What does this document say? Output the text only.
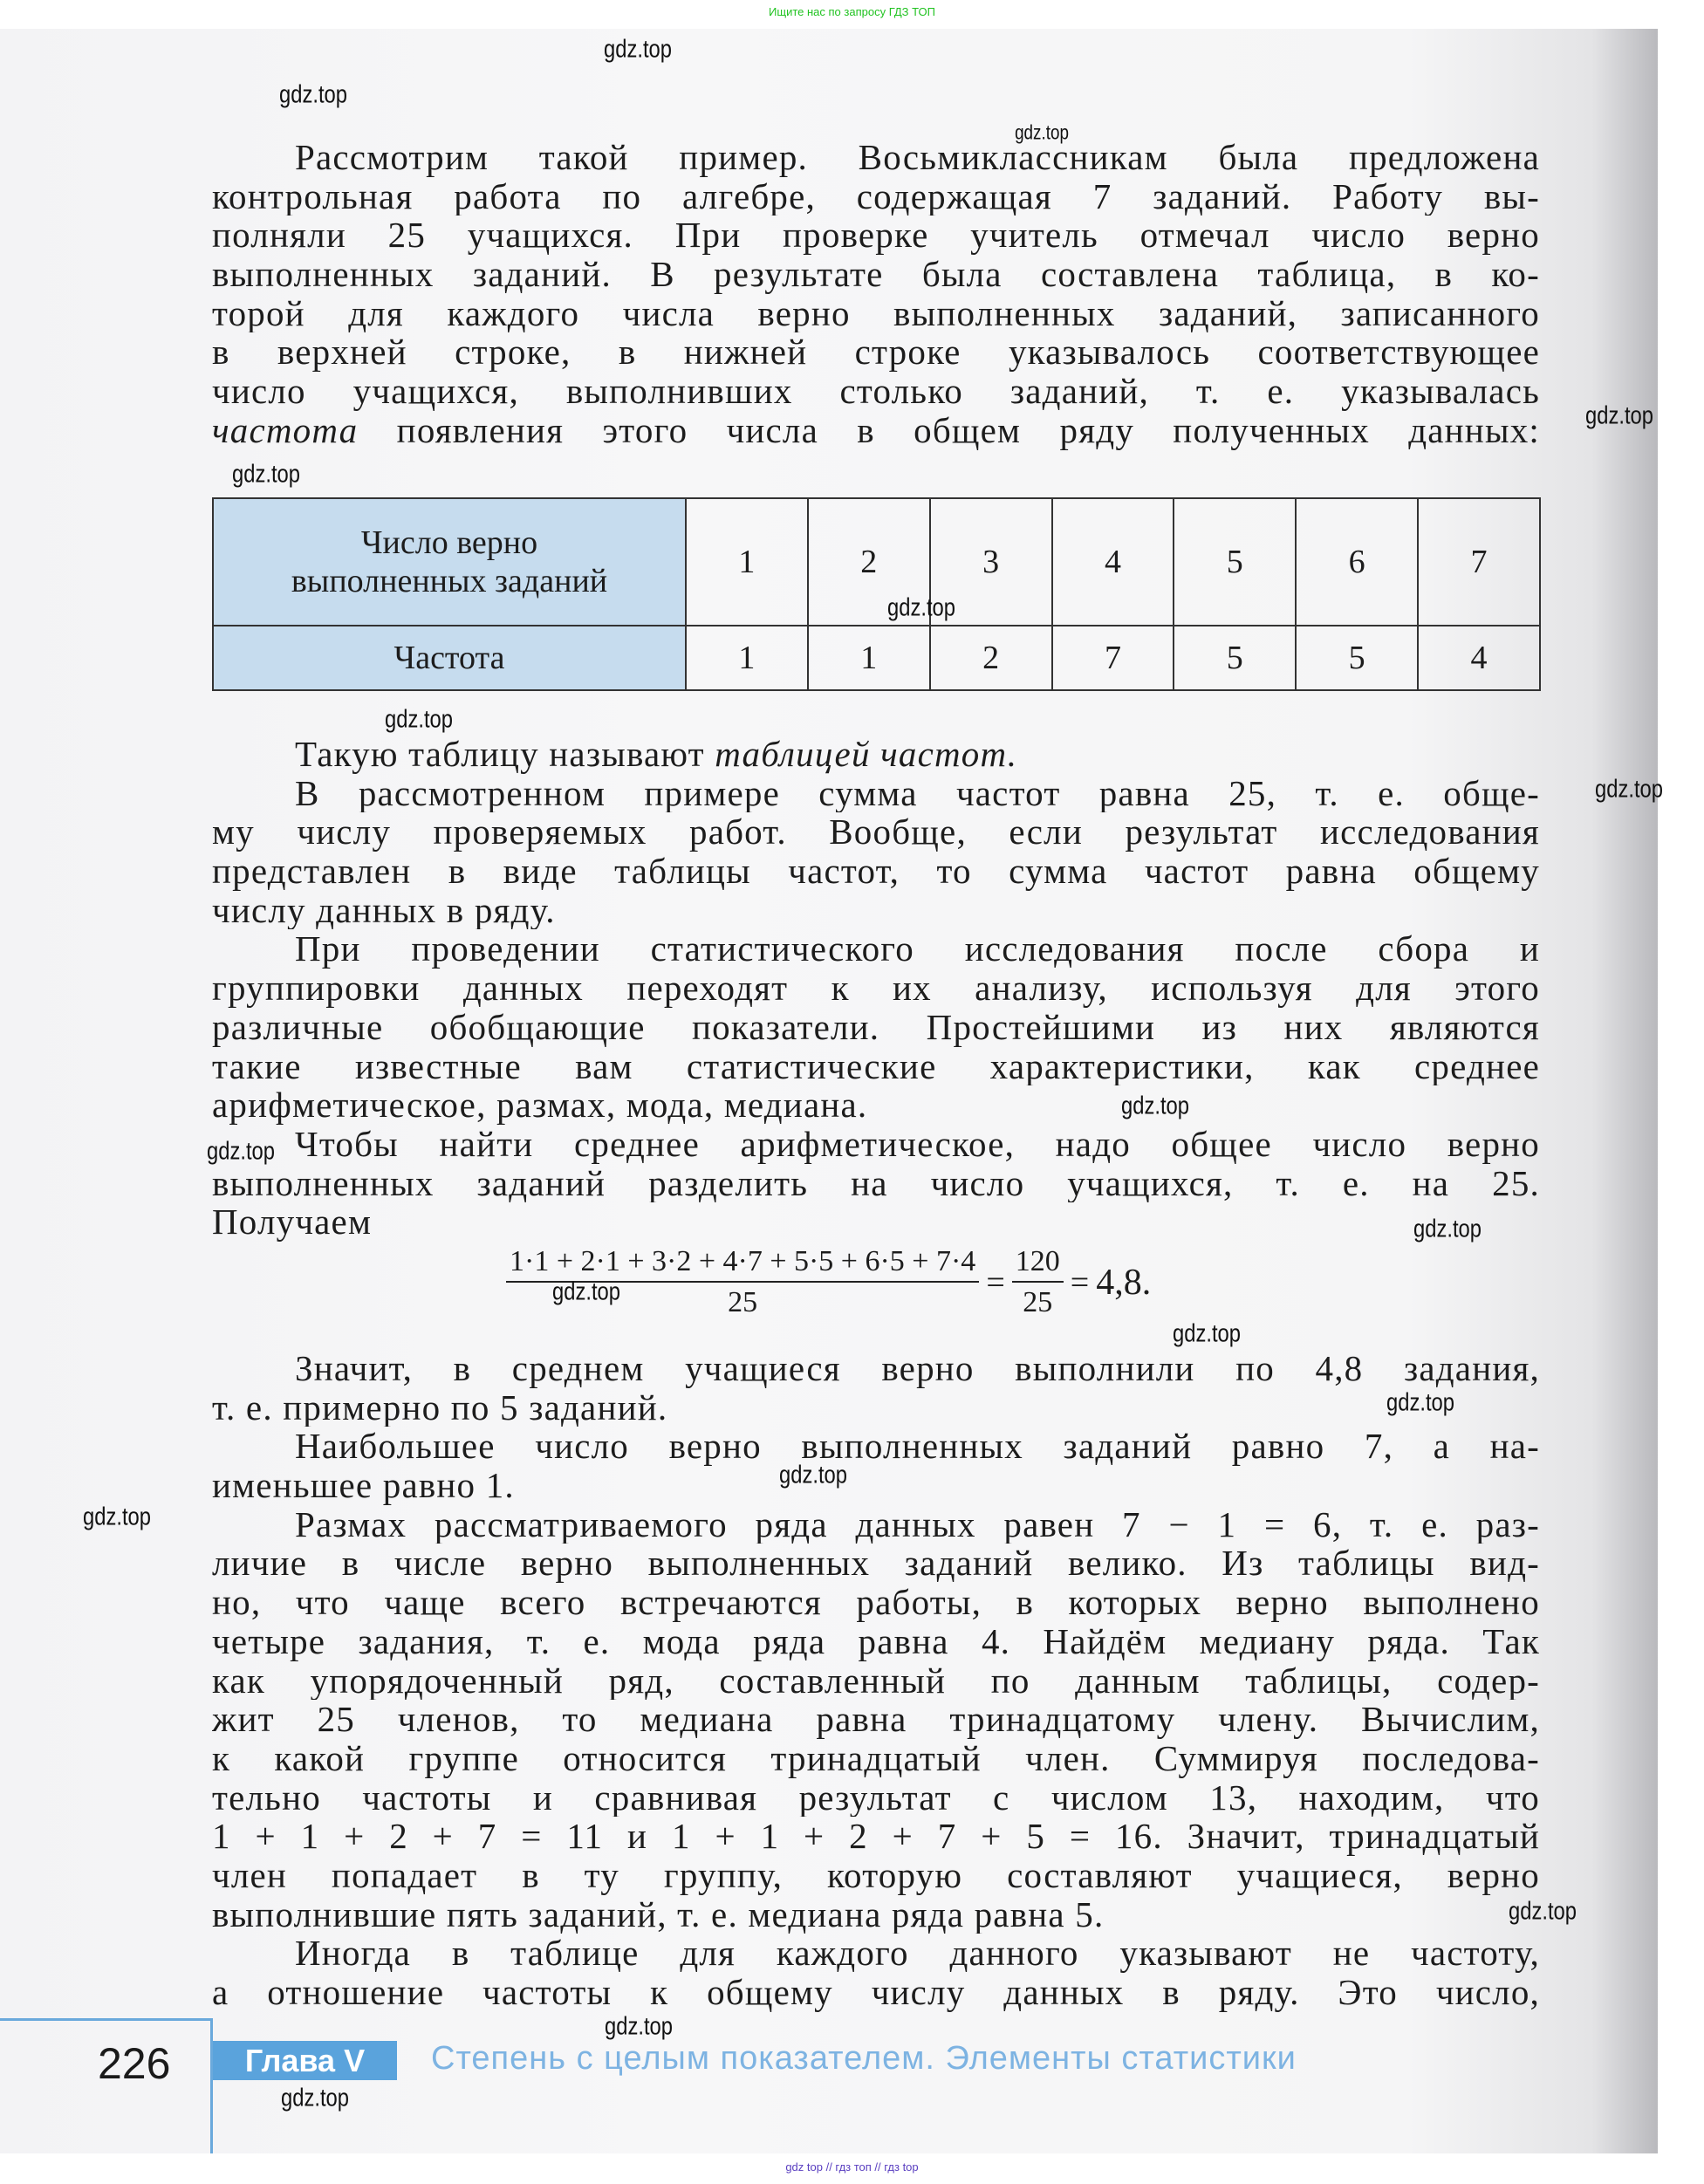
Ищите нас по запросу ГДЗ ТОП
Рассмотрим такой пример. Восьмиклассникам была предложена
контрольная работа по алгебре, содержащая 7 заданий. Работу вы-
полняли 25 учащихся. При проверке учитель отмечал число верно
выполненных заданий. В результате была составлена таблица, в ко-
торой для каждого числа верно выполненных заданий, записанного
в верхней строке, в нижней строке указывалось соответствующее
число учащихся, выполнивших столько заданий, т. е. указывалась
частота появления этого числа в общем ряду полученных данных:
Число верно
выполненных заданий	1	2	3	4	5	6	7
Частота	1	1	2	7	5	5	4
Такую таблицу называют таблицей частот.
В рассмотренном примере сумма частот равна 25, т. е. обще-
му числу проверяемых работ. Вообще, если результат исследования
представлен в виде таблицы частот, то сумма частот равна общему
числу данных в ряду.
При проведении статистического исследования после сбора и
группировки данных переходят к их анализу, используя для этого
различные обобщающие показатели. Простейшими из них являются
такие известные вам статистические характеристики, как среднее
арифметическое, размах, мода, медиана.
Чтобы найти среднее арифметическое, надо общее число верно
выполненных заданий разделить на число учащихся, т. е. на 25.
Получаем
$\frac{1\cdot 1 + 2\cdot 1 + 3\cdot 2 + 4\cdot 7 + 5\cdot 5 + 6\cdot 5 + 7\cdot 4}{25} = \frac{120}{25} = 4,8$.
Значит, в среднем учащиеся верно выполнили по 4,8 задания,
т. е. примерно по 5 заданий.
Наибольшее число верно выполненных заданий равно 7, а на-
именьшее равно 1.
Размах рассматриваемого ряда данных равен 7 − 1 = 6, т. е. раз-
личие в числе верно выполненных заданий велико. Из таблицы вид-
но, что чаще всего встречаются работы, в которых верно выполнено
четыре задания, т. е. мода ряда равна 4. Найдём медиану ряда. Так
как упорядоченный ряд, составленный по данным таблицы, содер-
жит 25 членов, то медиана равна тринадцатому члену. Вычислим,
к какой группе относится тринадцатый член. Суммируя последова-
тельно частоты и сравнивая результат с числом 13, находим, что
1 + 1 + 2 + 7 = 11 и 1 + 1 + 2 + 7 + 5 = 16. Значит, тринадцатый
член попадает в ту группу, которую составляют учащиеся, верно
выполнившие пять заданий, т. е. медиана ряда равна 5.
Иногда в таблице для каждого данного указывают не частоту,
а отношение частоты к общему числу данных в ряду. Это число,
226	Глава V	Степень с целым показателем. Элементы статистики
gdz top // гдз топ // гдз top
gdz.top
gdz.top
gdz.top
gdz.top
gdz.top
gdz.top
gdz.top
gdz.top
gdz.top
gdz.top
gdz.top
gdz.top
gdz.top
gdz.top
gdz.top
gdz.top
gdz.top
gdz.top
gdz.top
